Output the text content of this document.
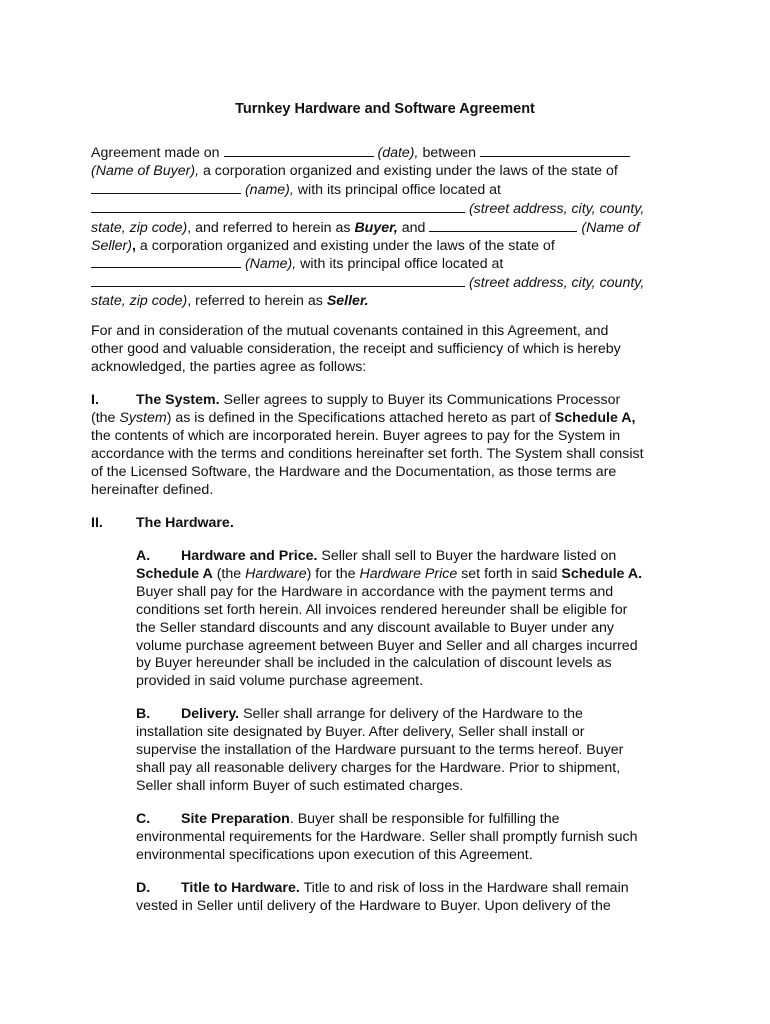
Turnkey Hardware and Software Agreement
Agreement made on	(date), between
(Name of Buyer), a corporation organized and existing under the laws of the state of
(name), with its principal office located at
(street address, city, county,
state, zip code), and referred to herein as Buyer, and	(Name of
Seller), a corporation organized and existing under the laws of the state of
(Name), with its principal office located at
(street address, city, county,
state, zip code), referred to herein as Seller.
For and in consideration of the mutual covenants contained in this Agreement, and
other good and valuable consideration, the receipt and sufficiency of which is hereby
acknowledged, the parties agree as follows:
I.	The System. Seller agrees to supply to Buyer its Communications Processor
(the System) as is defined in the Specifications attached hereto as part of Schedule A,
the contents of which are incorporated herein. Buyer agrees to pay for the System in
accordance with the terms and conditions hereinafter set forth. The System shall consist
of the Licensed Software, the Hardware and the Documentation, as those terms are
hereinafter defined.
II. The Hardware.
A. Hardware and Price. Seller shall sell to Buyer the hardware listed on
Schedule A (the Hardware) for the Hardware Price set forth in said Schedule A.
Buyer shall pay for the Hardware in accordance with the payment terms and
conditions set forth herein. All invoices rendered hereunder shall be eligible for
the Seller standard discounts and any discount available to Buyer under any
volume purchase agreement between Buyer and Seller and all charges incurred
by Buyer hereunder shall be included in the calculation of discount levels as
provided in said volume purchase agreement.
B. Delivery. Seller shall arrange for delivery of the Hardware to the
installation site designated by Buyer. After delivery, Seller shall install or
supervise the installation of the Hardware pursuant to the terms hereof. Buyer
shall pay all reasonable delivery charges for the Hardware. Prior to shipment,
Seller shall inform Buyer of such estimated charges.
C. Site Preparation. Buyer shall be responsible for fulfilling the
environmental requirements for the Hardware. Seller shall promptly furnish such
environmental specifications upon execution of this Agreement.
D. Title to Hardware. Title to and risk of loss in the Hardware shall remain
vested in Seller until delivery of the Hardware to Buyer. Upon delivery of the
